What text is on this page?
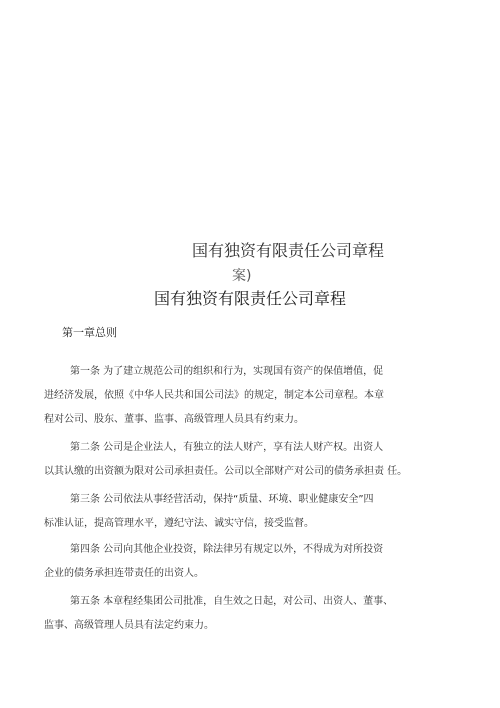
国有独资有限责任公司章程

案)

国有独资有限责任公司章程

第一章总则

第一条 为了建立规范公司的组织和行为，实现国有资产的保值增值，促

进经济发展，依照《中华人民共和国公司法》的规定，制定本公司章程。本章

程对公司、股东、董事、监事、高级管理人员具有约束力。

第二条 公司是企业法人，有独立的法人财产，享有法人财产权。出资人

以其认缴的出资额为限对公司承担责任。公司以全部财产对公司的债务承担责 任。

第三条 公司依法从事经营活动，保持“质量、环境、职业健康安全”四

标准认证，提高管理水平，遵纪守法、诚实守信，接受监督。

第四条 公司向其他企业投资，除法律另有规定以外，不得成为对所投资

企业的债务承担连带责任的出资人。

第五条 本章程经集团公司批准，自生效之日起，对公司、出资人、董事、

监事、高级管理人员具有法定约束力。
